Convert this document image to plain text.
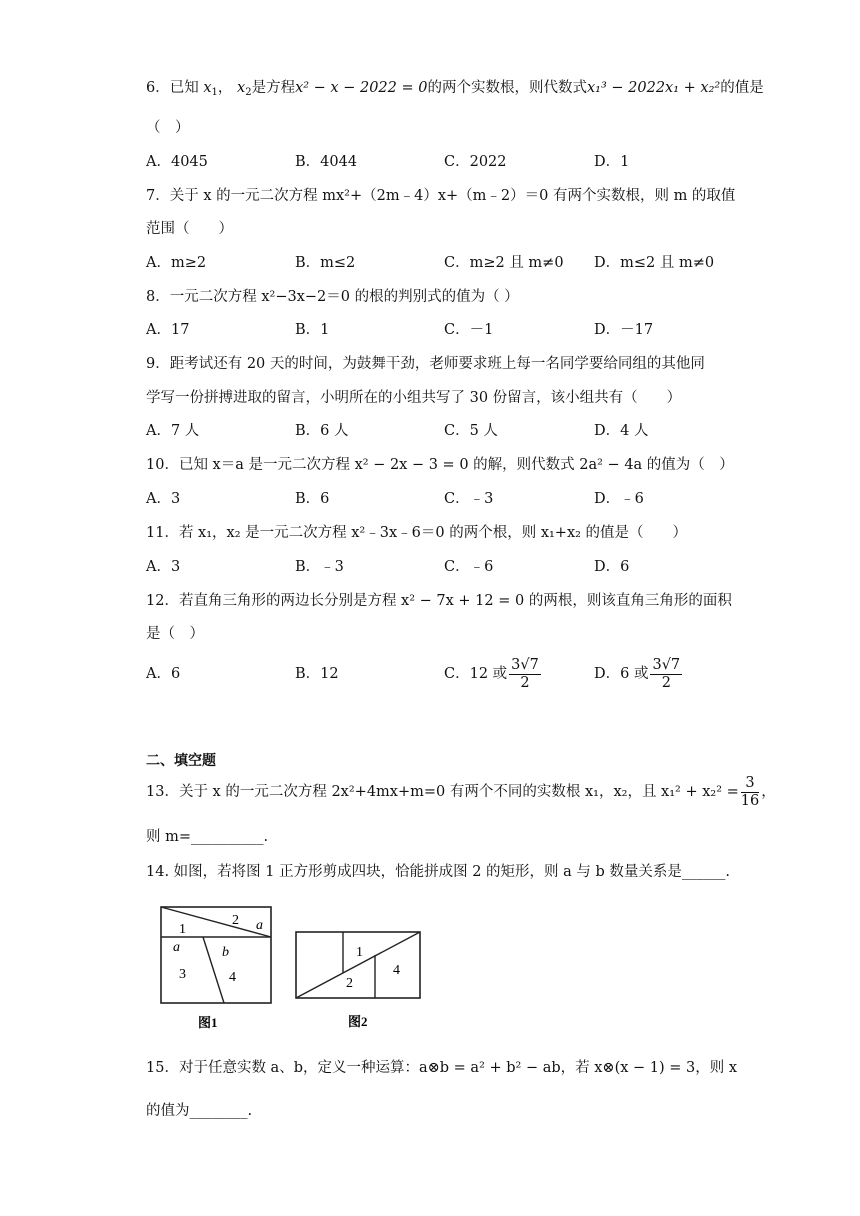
6．已知 $x_1$， $x_2$是方程x² − x − 2022 = 0的两个实数根，则代数式x₁³ − 2022x₁ + x₂²的值是
（　）
A．4045	B．4044	C．2022	D．1
7．关于 x 的一元二次方程 mx²+（2m﹣4）x+（m﹣2）＝0 有两个实数根，则 m 的取值
范围（　　）
A．m≥2	B．m≤2	C．m≥2 且 m≠0 D．m≤2 且 m≠0
8．一元二次方程 x²−3x−2＝0 的根的判别式的值为（ ）
A．17	B．1	C．－1	D．－17
9．距考试还有 20 天的时间，为鼓舞干劲，老师要求班上每一名同学要给同组的其他同
学写一份拼搏进取的留言，小明所在的小组共写了 30 份留言，该小组共有（　　）
A．7 人	B．6 人	C．5 人	D．4 人
10．已知 x＝a 是一元二次方程 x² − 2x − 3 = 0 的解，则代数式 2a² − 4a 的值为（　）
A．3	B．6	C．﹣3	D．﹣6
11．若 x₁，x₂ 是一元二次方程 x²﹣3x﹣6＝0 的两个根，则 x₁+x₂ 的值是（　　）
A．3	B．﹣3	C．﹣6	D．6
12．若直角三角形的两边长分别是方程 x² − 7x + 12 = 0 的两根，则该直角三角形的面积
是（　）
A．6	B．12	C．12 或 $\frac{3√7}{2}$	D．6 或 $\frac{3√7}{2}$
二、填空题
13．关于 x 的一元二次方程 2x²+4mx+m=0 有两个不同的实数根 x₁，x₂，且 $x_1^2 + x_2^2 = \frac{3}{16}$ ，
则 m=__________.
14. 如图，若将图 1 正方形剪成四块，恰能拼成图 2 的矩形，则 a 与 b 数量关系是______.
1
2 a
a	b
3	4
图1
1
2
4
图2
15．对于任意实数 a、b，定义一种运算：a⊗b = a² + b² − ab，若 x⊗(x − 1) = 3，则 x
的值为________.
